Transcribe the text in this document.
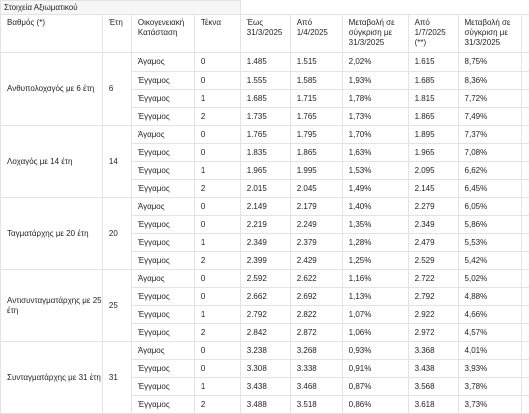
Στοιχεία Αξιωματικού									
Βαθμός (*)	Έτη	Οικογενειακή Κατάσταση	Τέκνα	Έως 31/3/2025	Από 1/4/2025	Μεταβολή σε σύγκριση με 31/3/2025	Από 1/7/2025 (**)	Μεταβολή σε σύγκριση με 31/3/2025	
Ανθυπολοχαγός με 6 έτη	6	Άγαμος	0	1.485	1.515	2,02%	1.615	8,75%	
		Έγγαμος	0	1.555	1.585	1,93%	1.685	8,36%	
		Έγγαμος	1	1.685	1.715	1,78%	1.815	7,72%	
		Έγγαμος	2	1.735	1.765	1,73%	1.865	7,49%	
Λοχαγός με 14 έτη	14	Άγαμος	0	1.765	1.795	1,70%	1.895	7,37%	
		Έγγαμος	0	1.835	1.865	1,63%	1.965	7,08%	
		Έγγαμος	1	1.965	1.995	1,53%	2.095	6,62%	
		Έγγαμος	2	2.015	2.045	1,49%	2.145	6,45%	
Ταγματάρχης με 20 έτη	20	Άγαμος	0	2.149	2.179	1,40%	2.279	6,05%	
		Έγγαμος	0	2.219	2.249	1,35%	2.349	5,86%	
		Έγγαμος	1	2.349	2.379	1,28%	2.479	5,53%	
		Έγγαμος	2	2.399	2.429	1,25%	2.529	5,42%	
Αντισυνταγματάρχης με 25 έτη	25	Άγαμος	0	2.592	2.622	1,16%	2.722	5,02%	
		Έγγαμος	0	2.662	2.692	1,13%	2.792	4,88%	
		Έγγαμος	1	2.792	2.822	1,07%	2.922	4,66%	
		Έγγαμος	2	2.842	2.872	1,06%	2.972	4,57%	
Συνταγματάρχης με 31 έτη	31	Άγαμος	0	3.238	3.268	0,93%	3.368	4,01%	
		Έγγαμος	0	3.308	3.338	0,91%	3.438	3,93%	
		Έγγαμος	1	3.438	3.468	0,87%	3.568	3,78%	
		Έγγαμος	2	3.488	3.518	0,86%	3.618	3,73%	
